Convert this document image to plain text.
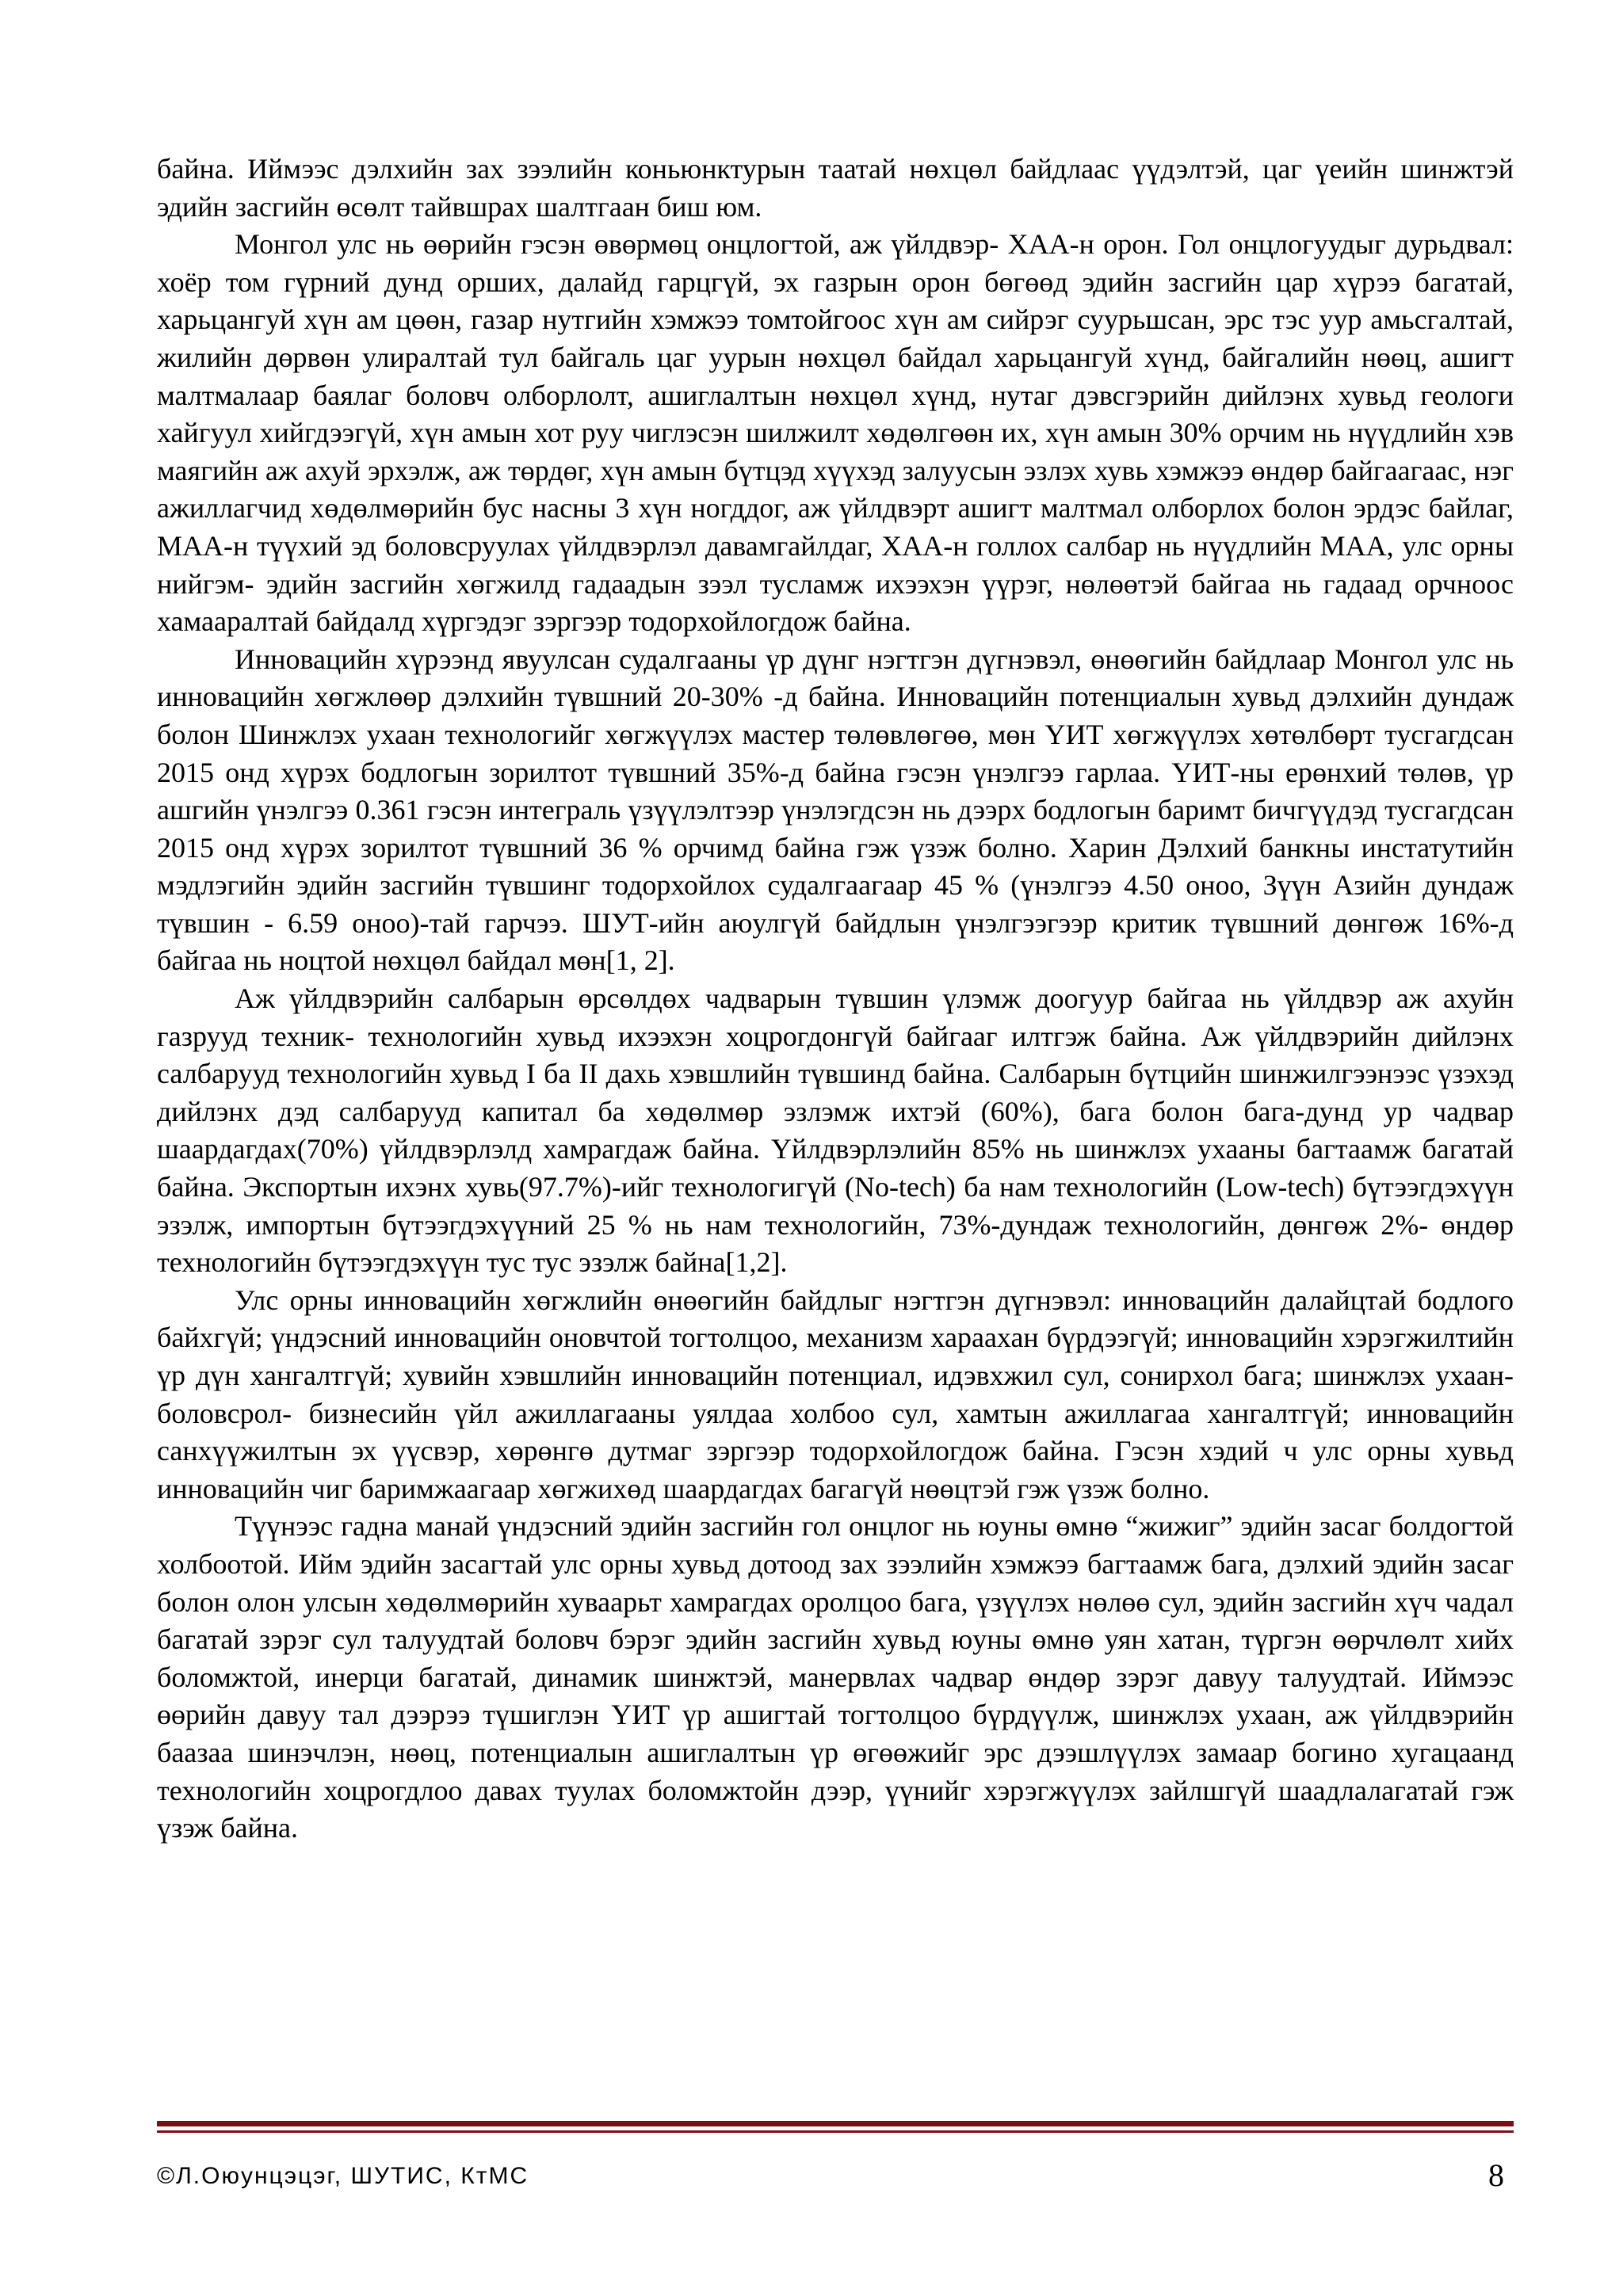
байна. Иймээс дэлхийн зах зээлийн коньюнктурын таатай нөхцөл байдлаас үүдэлтэй, цаг үеийн шинжтэй эдийн засгийн өсөлт тайвшрах шалтгаан биш юм.

Монгол улс нь өөрийн гэсэн өвөрмөц онцлогтой, аж үйлдвэр- ХАА-н орон. Гол онцлогуудыг дурьдвал: хоёр том гүрний дунд орших, далайд гарцгүй, эх газрын орон бөгөөд эдийн засгийн цар хүрээ багатай, харьцангуй хүн ам цөөн, газар нутгийн хэмжээ томтойгоос хүн ам сийрэг суурьшсан, эрс тэс уур амьсгалтай, жилийн дөрвөн улиралтай тул байгаль цаг уурын нөхцөл байдал харьцангуй хүнд, байгалийн нөөц, ашигт малтмалаар баялаг боловч олборлолт, ашиглалтын нөхцөл хүнд, нутаг дэвсгэрийн дийлэнх хувьд геологи хайгуул хийгдээгүй, хүн амын хот руу чиглэсэн шилжилт хөдөлгөөн их, хүн амын 30% орчим нь нүүдлийн хэв маягийн аж ахуй эрхэлж, аж төрдөг, хүн амын бүтцэд хүүхэд залуусын эзлэх хувь хэмжээ өндөр байгаагаас, нэг ажиллагчид хөдөлмөрийн бус насны 3 хүн ногддог, аж үйлдвэрт ашигт малтмал олборлох болон эрдэс байлаг, МАА-н түүхий эд боловсруулах үйлдвэрлэл давамгайлдаг, ХАА-н голлох салбар нь нүүдлийн МАА, улс орны нийгэм- эдийн засгийн хөгжилд гадаадын зээл тусламж ихээхэн үүрэг, нөлөөтэй байгаа нь гадаад орчноос хамааралтай байдалд хүргэдэг зэргээр тодорхойлогдож байна.

Инновацийн хүрээнд явуулсан судалгааны үр дүнг нэгтгэн дүгнэвэл, өнөөгийн байдлаар Монгол улс нь инновацийн хөгжлөөр дэлхийн түвшний 20-30% -д байна. Инновацийн потенциалын хувьд дэлхийн дундаж болон Шинжлэх ухаан технологийг хөгжүүлэх мастер төлөвлөгөө, мөн ҮИТ хөгжүүлэх хөтөлбөрт тусгагдсан 2015 онд хүрэх бодлогын зорилтот түвшний 35%-д байна гэсэн үнэлгээ гарлаа. ҮИТ-ны ерөнхий төлөв, үр ашгийн үнэлгээ 0.361 гэсэн интеграль үзүүлэлтээр үнэлэгдсэн нь дээрх бодлогын баримт бичгүүдэд тусгагдсан 2015 онд хүрэх зорилтот түвшний 36 % орчимд байна гэж үзэж болно. Харин Дэлхий банкны инстатутийн мэдлэгийн эдийн засгийн түвшинг тодорхойлох судалгаагаар 45 % (үнэлгээ 4.50 оноо, Зүүн Азийн дундаж түвшин - 6.59 оноо)-тай гарчээ. ШУТ-ийн аюулгүй байдлын үнэлгээгээр критик түвшний дөнгөж 16%-д байгаа нь ноцтой нөхцөл байдал мөн[1, 2].

Аж үйлдвэрийн салбарын өрсөлдөх чадварын түвшин үлэмж доогуур байгаа нь үйлдвэр аж ахуйн газрууд техник- технологийн хувьд ихээхэн хоцрогдонгүй байгааг илтгэж байна. Аж үйлдвэрийн дийлэнх салбарууд технологийн хувьд I ба II дахь хэвшлийн түвшинд байна. Салбарын бүтцийн шинжилгээнээс үзэхэд дийлэнх дэд салбарууд капитал ба хөдөлмөр эзлэмж ихтэй (60%), бага болон бага-дунд ур чадвар шаардагдах(70%) үйлдвэрлэлд хамрагдаж байна. Үйлдвэрлэлийн 85% нь шинжлэх ухааны багтаамж багатай байна. Экспортын ихэнх хувь(97.7%)-ийг технологигүй (No-tech) ба нам технологийн (Low-tech) бүтээгдэхүүн эзэлж, импортын бүтээгдэхүүний 25 % нь нам технологийн, 73%-дундаж технологийн, дөнгөж 2%- өндөр технологийн бүтээгдэхүүн тус тус эзэлж байна[1,2].

Улс орны инновацийн хөгжлийн өнөөгийн байдлыг нэгтгэн дүгнэвэл: инновацийн далайцтай бодлого байхгүй; үндэсний инновацийн оновчтой тогтолцоо, механизм хараахан бүрдээгүй; инновацийн хэрэгжилтийн үр дүн хангалтгүй; хувийн хэвшлийн инновацийн потенциал, идэвхжил сул, сонирхол бага; шинжлэх ухаан- боловсрол- бизнесийн үйл ажиллагааны уялдаа холбоо сул, хамтын ажиллагаа хангалтгүй; инновацийн санхүүжилтын эх үүсвэр, хөрөнгө дутмаг зэргээр тодорхойлогдож байна. Гэсэн хэдий ч улс орны хувьд инновацийн чиг баримжаагаар хөгжихөд шаардагдах багагүй нөөцтэй гэж үзэж болно.

Түүнээс гадна манай үндэсний эдийн засгийн гол онцлог нь юуны өмнө “жижиг” эдийн засаг болдогтой холбоотой. Ийм эдийн засагтай улс орны хувьд дотоод зах зээлийн хэмжээ багтаамж бага, дэлхий эдийн засаг болон олон улсын хөдөлмөрийн хуваарьт хамрагдах оролцоо бага, үзүүлэх нөлөө сул, эдийн засгийн хүч чадал багатай зэрэг сул талуудтай боловч бэрэг эдийн засгийн хувьд юуны өмнө уян хатан, түргэн өөрчлөлт хийх боломжтой, инерци багатай, динамик шинжтэй, манервлах чадвар өндөр зэрэг давуу талуудтай. Иймээс өөрийн давуу тал дээрээ түшиглэн ҮИТ үр ашигтай тогтолцоо бүрдүүлж, шинжлэх ухаан, аж үйлдвэрийн баазаа шинэчлэн, нөөц, потенциалын ашиглалтын үр өгөөжийг эрс дээшлүүлэх замаар богино хугацаанд технологийн хоцрогдлоо давах туулах боломжтойн дээр, үүнийг хэрэгжүүлэх зайлшгүй шаадлалагатай гэж үзэж байна.

©Л.Оюунцэцэг, ШУТИС, КтМС	8
